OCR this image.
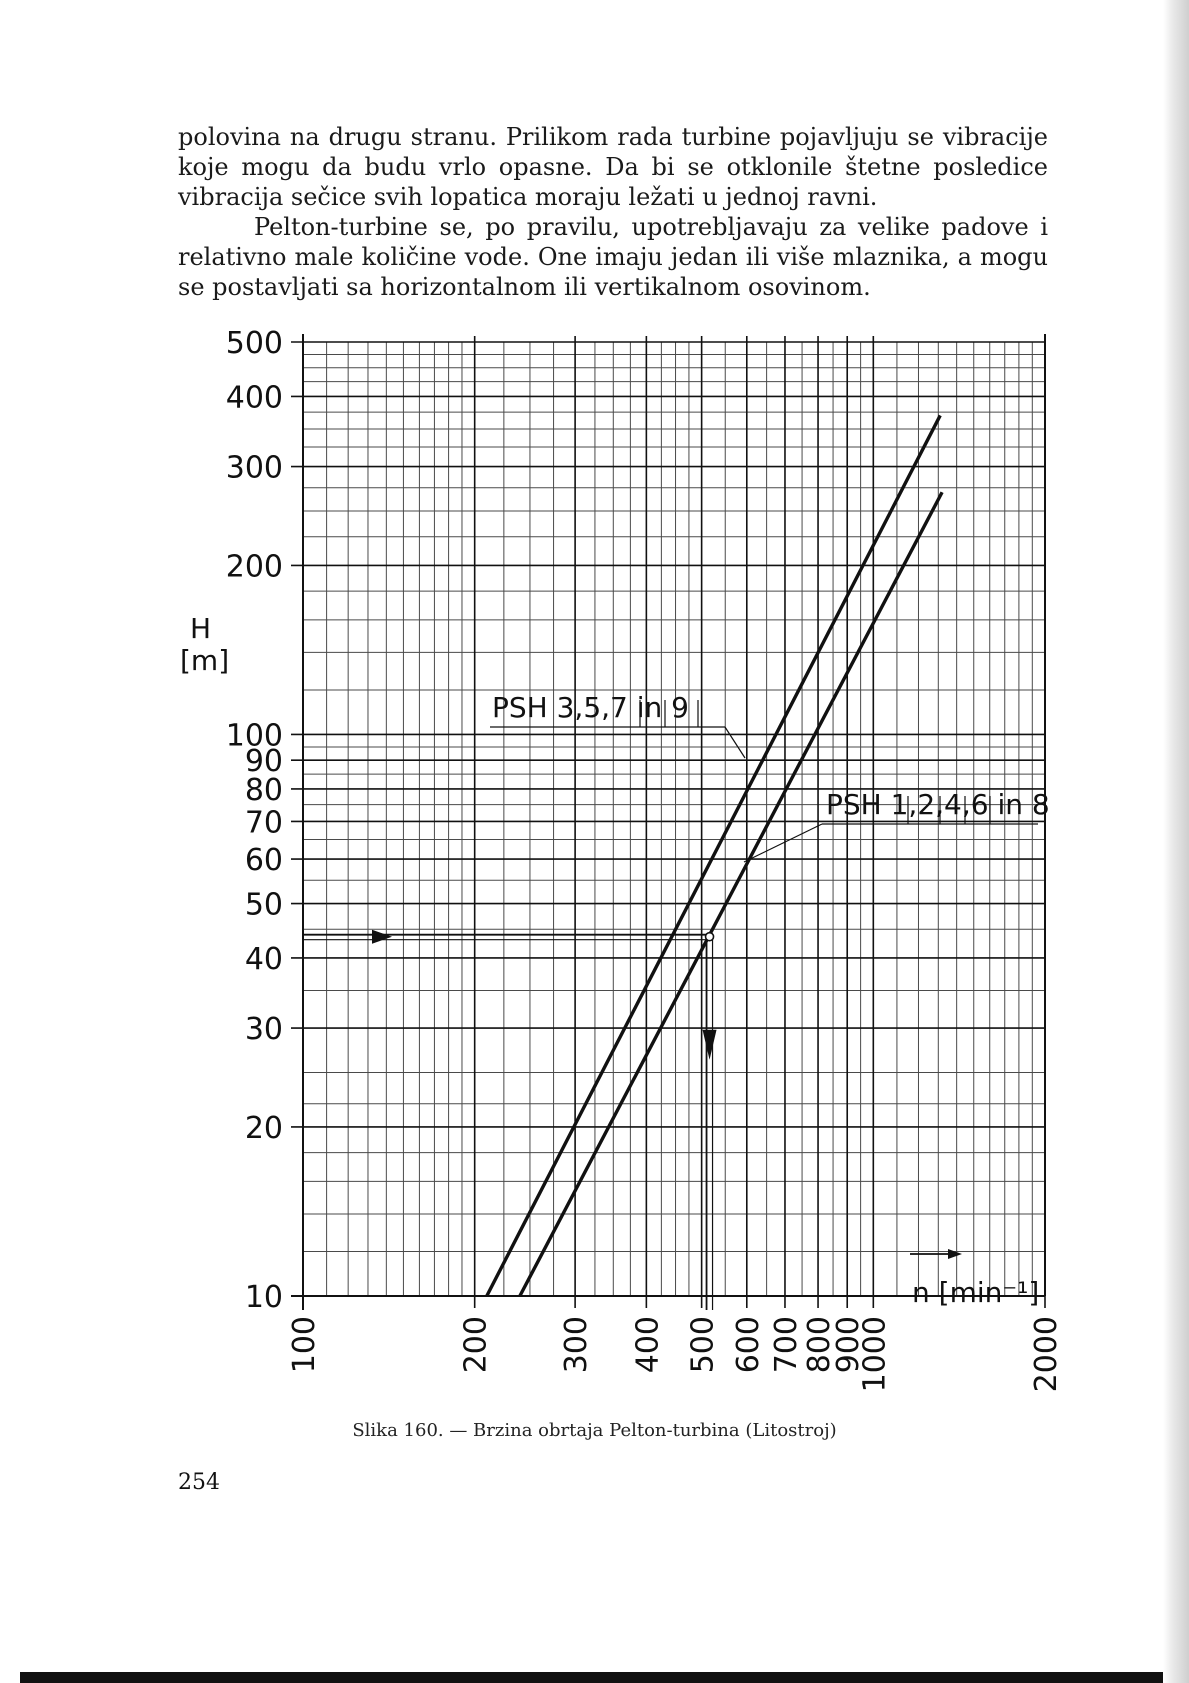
polovina na drugu stranu. Prilikom rada turbine pojavljuju se vibracije koje mogu da budu vrlo opasne. Da bi se otklonile štetne posledice vibracija sečice svih lopatica moraju ležati u jednoj ravni.

Pelton-turbine se, po pravilu, upotrebljavaju za velike padove i relativno male količine vode. One imaju jedan ili više mlaznika, a mogu se postavljati sa horizontalnom ili vertikalnom osovinom.

10
20
30
40
50
60
70
80
90
100
200
300
400
500
100	200 300 400 500 600 700
800
900
1000	2000
H
[m]
n [min⁻¹]
PSH 3,5,7 in 9
PSH 1,2,4,6 in 8

Slika 160. — Brzina obrtaja Pelton-turbina (Litostroj)

254
